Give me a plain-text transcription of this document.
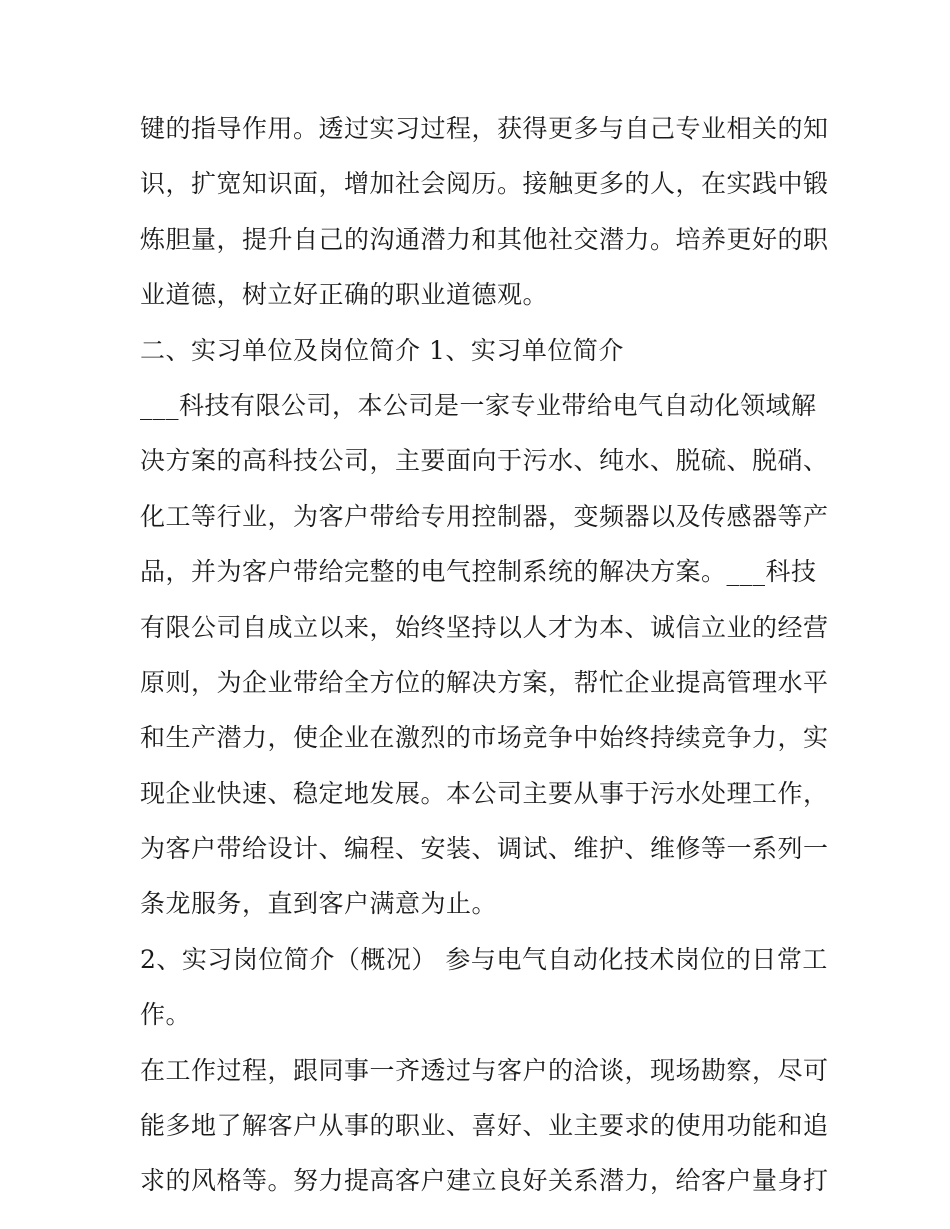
键的指导作用。透过实习过程，获得更多与自己专业相关的知
识，扩宽知识面，增加社会阅历。接触更多的人，在实践中锻
炼胆量，提升自己的沟通潜力和其他社交潜力。培养更好的职
业道德，树立好正确的职业道德观。
二、实习单位及岗位简介 1、实习单位简介
___科技有限公司，本公司是一家专业带给电气自动化领域解
决方案的高科技公司，主要面向于污水、纯水、脱硫、脱硝、
化工等行业，为客户带给专用控制器，变频器以及传感器等产
品，并为客户带给完整的电气控制系统的解决方案。___科技
有限公司自成立以来，始终坚持以人才为本、诚信立业的经营
原则，为企业带给全方位的解决方案，帮忙企业提高管理水平
和生产潜力，使企业在激烈的市场竞争中始终持续竞争力，实
现企业快速、稳定地发展。本公司主要从事于污水处理工作，
为客户带给设计、编程、安装、调试、维护、维修等一系列一
条龙服务，直到客户满意为止。
2、实习岗位简介（概况） 参与电气自动化技术岗位的日常工
作。
在工作过程，跟同事一齐透过与客户的洽谈，现场勘察，尽可
能多地了解客户从事的职业、喜好、业主要求的使用功能和追
求的风格等。努力提高客户建立良好关系潜力，给客户量身打
